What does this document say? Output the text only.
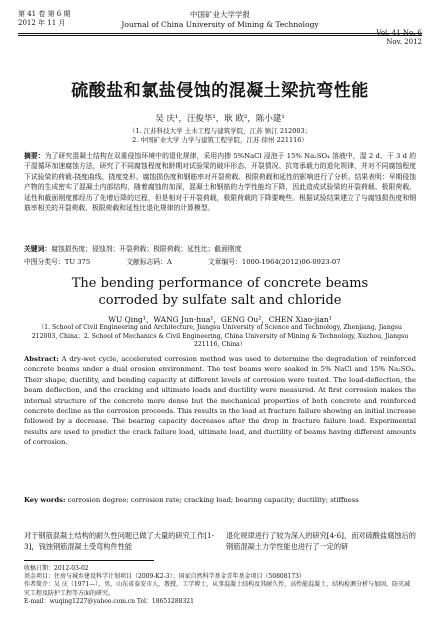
第 41 卷 第 6 期
2012 年 11 月
中国矿业大学学报
Journal of China University of Mining & Technology
Vol. 41 No. 6
Nov. 2012
硫酸盐和氯盐侵蚀的混凝土梁抗弯性能
吴 庆¹，汪俊华¹，耿 欧²，陈小建¹
（1. 江苏科技大学 土木工程与建筑学院，江苏 镇江 212003；
2. 中国矿业大学 力学与建筑工程学院，江苏 徐州 221116）
摘要：为了研究混凝土结构在双重侵蚀环境中的退化规律，采用内掺 5%NaCl 浸泡于 15% Na₂SO₄ 溶液中，湿 2 d、干 3 d 的干湿循环加速腐蚀方法，研究了不同腐蚀程度和龄期对试验梁的破坏形态、开裂情况、抗弯承载力的退化规律，并对不同腐蚀程度下试验梁的荷载-挠度曲线、挠度变形、腐蚀损伤度和钢筋率对开裂荷载、极限荷载和延性的影响进行了分析。结果表明：早期侵蚀产物的生成密实了混凝土内部结构，随着腐蚀的加深，混凝土和钢筋的力学性能均下降，因此造成试验梁的开裂荷载、极限荷载、延性和截面刚度都经历了先增后降的过程，但是相对于开裂荷载，极限荷载的下降要晚些。根据试验结果建立了与腐蚀损伤度和钢筋率相关的开裂荷载、极限荷载和延性比退化规律的计算模型。
关键词：腐蚀损伤度；侵蚀剂；开裂荷载；极限荷载；延性比；截面刚度
中图分类号：TU 375	文献标志码：A	文章编号：1000-1964(2012)06-0923-07
The bending performance of concrete beams
corroded by sulfate salt and chloride
WU Qing¹，WANG Jun-hua¹，GENG Ou²，CHEN Xiao-jian¹
（1. School of Civil Engineering and Architecture, Jiangsu University of Science and Technology, Zhenjiang, Jiangsu 212003, China；2. School of Mechanics & Civil Engineering, China University of Mining & Technology, Xuzhou, Jiangsu 221116, China）
Abstract: A dry-wet cycle, accelerated corrosion method was used to determine the degradation of reinforced concrete beams under a dual erosion environment. The test beams were soaked in 5% NaCl and 15% Na₂SO₄. Their shape, ductility, and bending capacity at different levels of corrosion were tested. The load-deflection, the beam deflection, and the cracking and ultimate loads and ductility were measured. At first corrosion makes the internal structure of the concrete more dense but the mechanical properties of both concrete and reinforced concrete decline as the corrosion proceeds. This results in the load at fracture failure showing an initial increase followed by a decrease. The bearing capacity decreases after the drop in fracture failure load. Experimental results are used to predict the crack failure load, ultimate load, and ductility of beams having different amounts of corrosion.
Key words: corrosion degree; corrosion rate; cracking load; bearing capacity; ductility; stiffness
对于钢筋混凝土结构的耐久性问题已做了大量的研究工作[1-3]，钱蚀钢筋混凝土受弯构件性能
退化规律进行了较为深入的研究[4-6]，而对硫酸盐腐蚀后的钢筋混凝土力学性能也进行了一定的研
收稿日期：2012-03-02
基金项目：住房与城乡建设科学计划项目（2009-K2-3）；国家自然科学基金青年基金项目（50808173）
作者简介：吴 庆（1971—），男，山东省泰安市人，教授，工学博士，从事混凝土结构及其耐久性、高性能混凝土、结构检测分析与加固、防灾减灾工程及防护工程等方面的研究。
E-mail：wuqing1227@yahoo.com.cn Tel：18651288321
